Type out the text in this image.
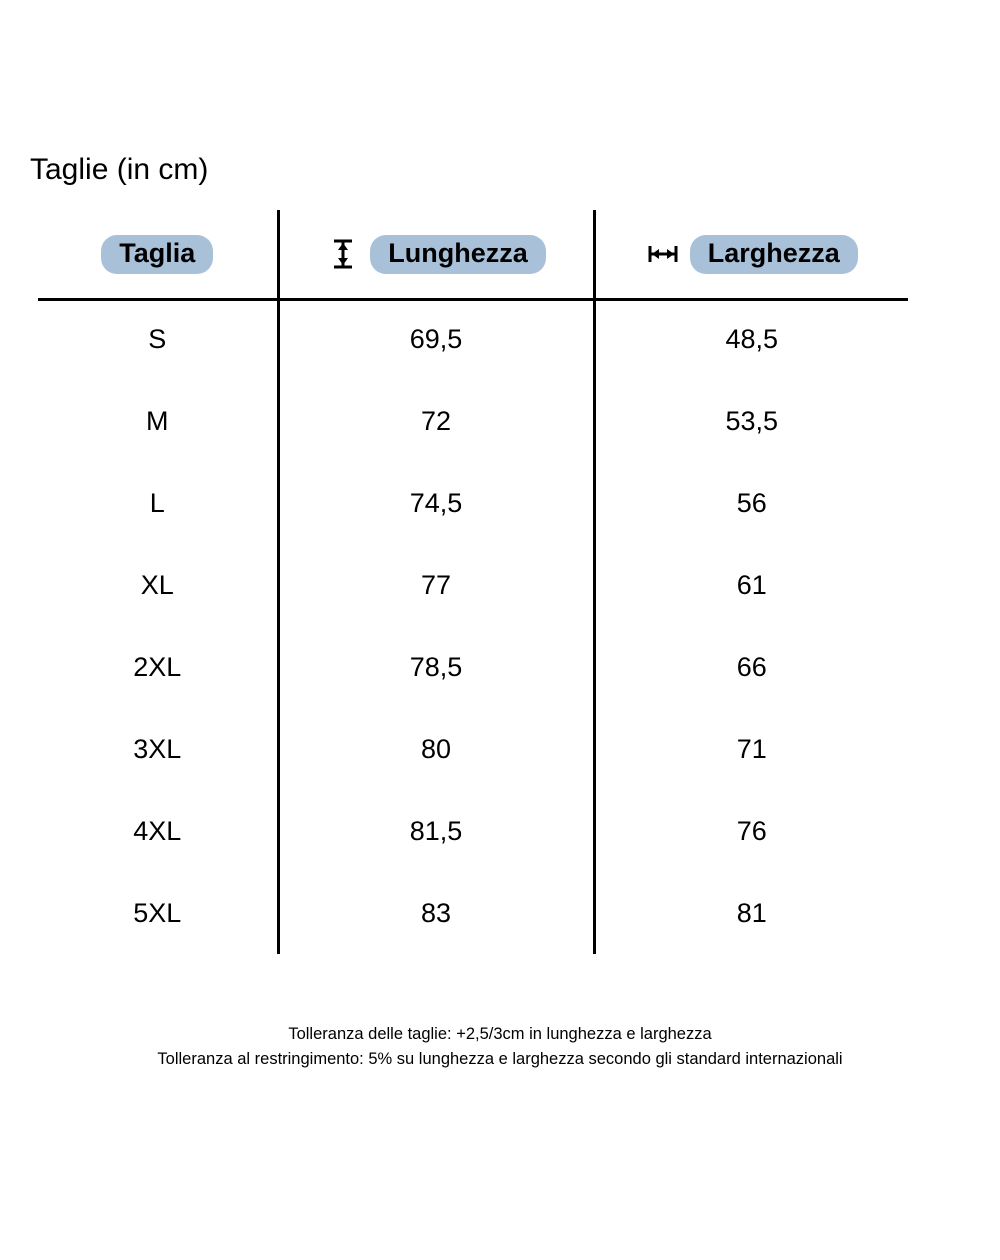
Taglie (in cm)
Taglia	Lunghezza	Larghezza

S	69,5	48,5
M	72	53,5
L	74,5	56
XL	77	61
2XL	78,5	66
3XL	80	71
4XL	81,5	76
5XL	83	81
Tolleranza delle taglie: +2,5/3cm in lunghezza e larghezza
Tolleranza al restringimento: 5% su lunghezza e larghezza secondo gli standard internazionali
